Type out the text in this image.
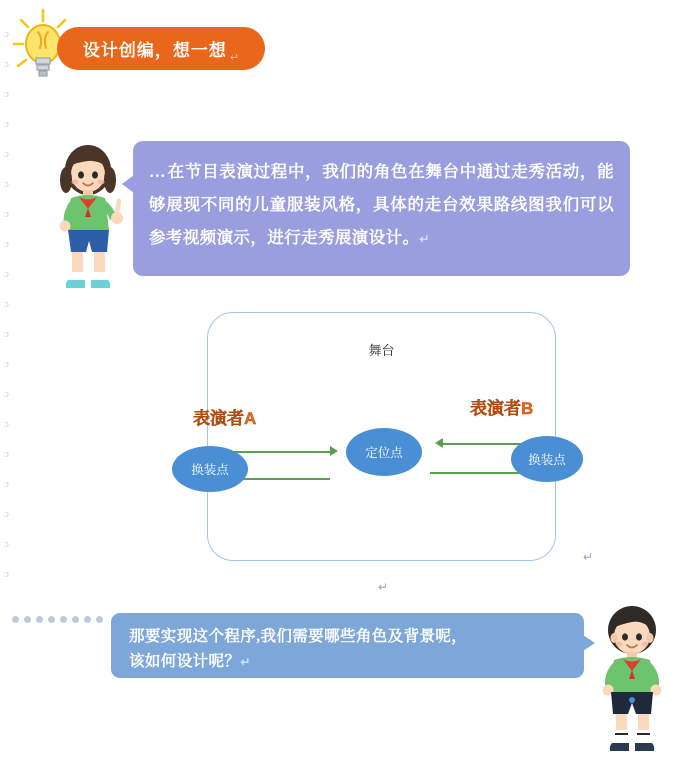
ɔ
ɔ
ɔ
ɔ
ɔ
ɔ
ɔ
ɔ
ɔ
ɔ
ɔ
ɔ
ɔ
ɔ
ɔ
ɔ
ɔ
ɔ
ɔ
设计创编，想一想 ↵
…在节目表演过程中，我们的角色在舞台中通过走秀活动，能够展现不同的儿童服装风格，具体的走台效果路线图我们可以参考视频演示，进行走秀展演设计。↵
舞台
表演者A
表演者B
换装点
定位点	换装点
↵
↵
那要实现这个程序,我们需要哪些角色及背景呢，
该如何设计呢？↵
